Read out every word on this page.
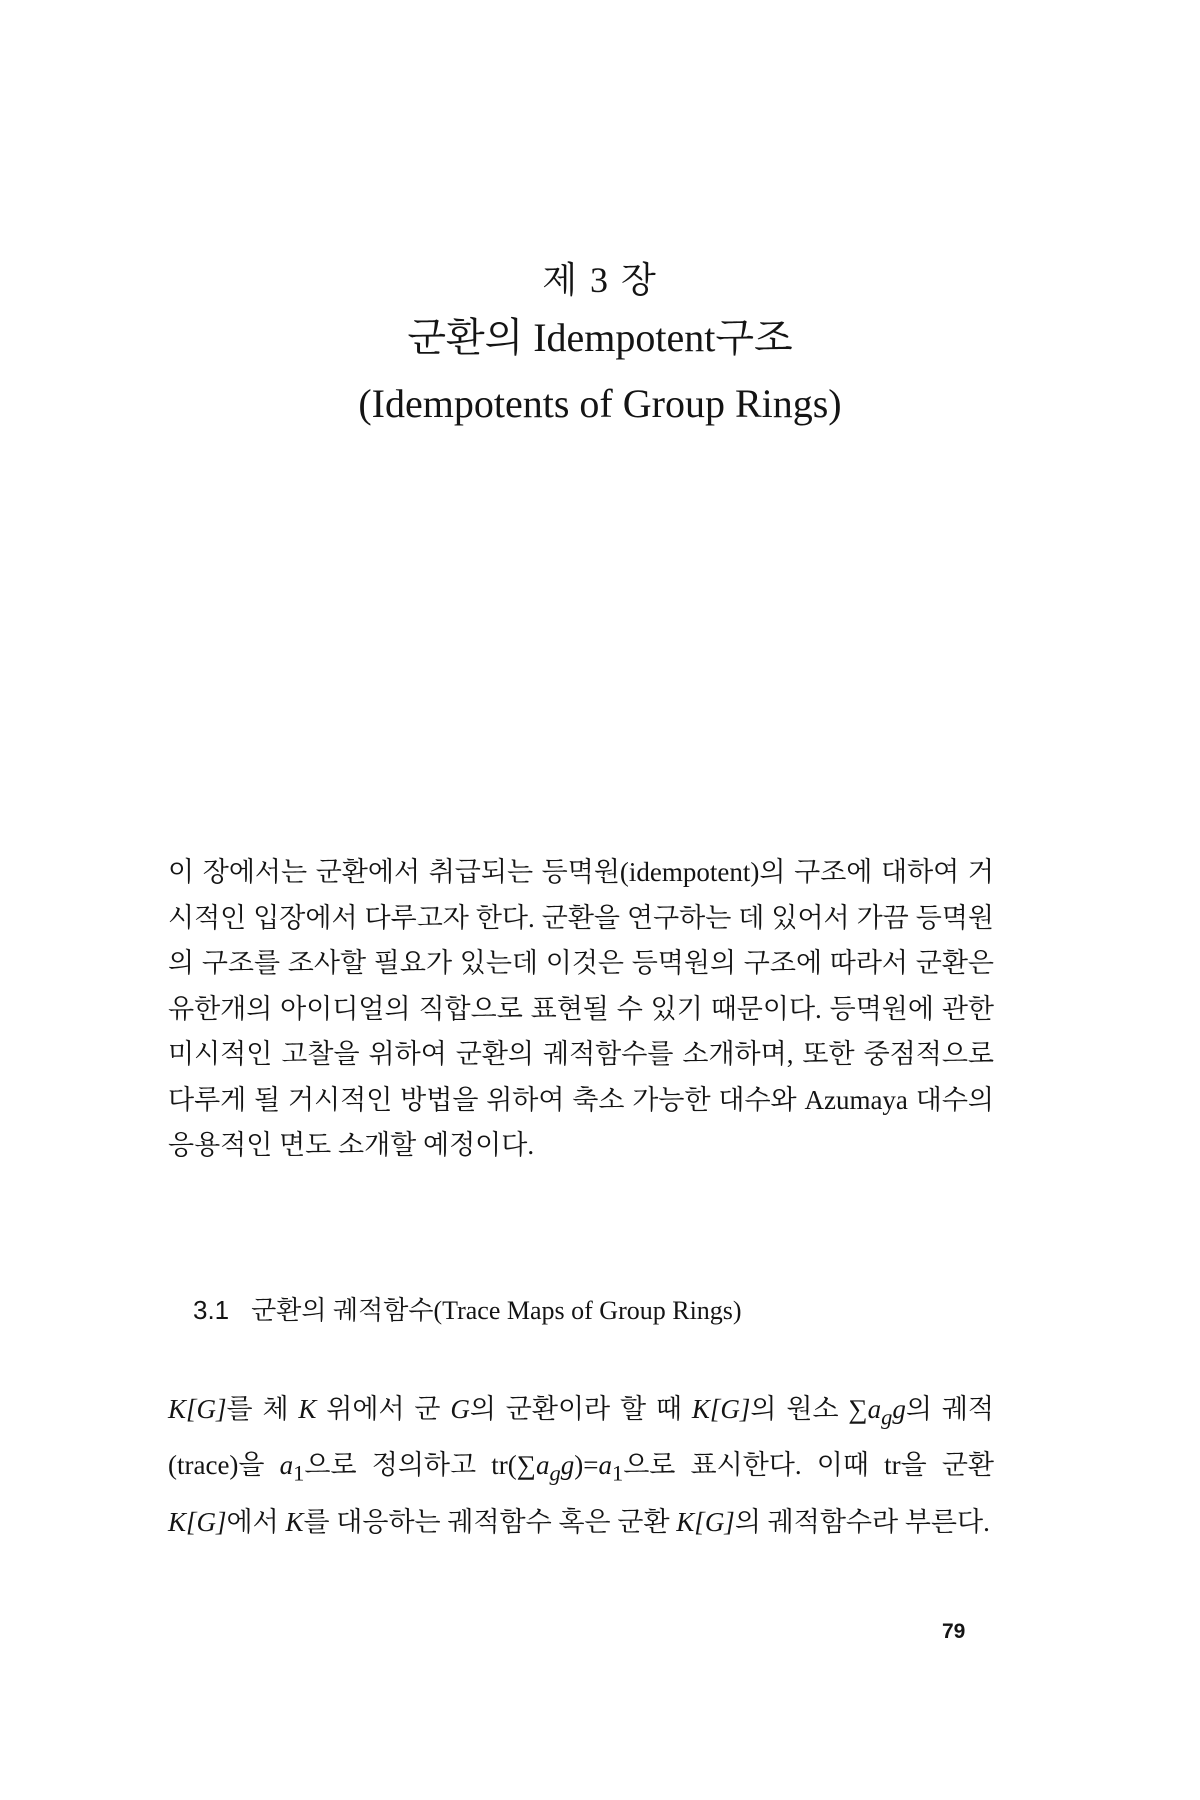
제 3 장
군환의 Idempotent구조
(Idempotents of Group Rings)
이 장에서는 군환에서 취급되는 등멱원(idempotent)의 구조에 대하여 거시적인 입장에서 다루고자 한다. 군환을 연구하는 데 있어서 가끔 등멱원의 구조를 조사할 필요가 있는데 이것은 등멱원의 구조에 따라서 군환은 유한개의 아이디얼의 직합으로 표현될 수 있기 때문이다. 등멱원에 관한 미시적인 고찰을 위하여 군환의 궤적함수를 소개하며, 또한 중점적으로 다루게 될 거시적인 방법을 위하여 축소 가능한 대수와 Azumaya 대수의 응용적인 면도 소개할 예정이다.
3.1 군환의 궤적함수(Trace Maps of Group Rings)
K[G]를 체 K 위에서 군 G의 군환이라 할 때 K[G]의 원소 $\sum a_gg$의 궤적(trace)을 $a_1$으로 정의하고 $tr(\sum a_gg)=a_1$으로 표시한다. 이때 tr을 군환 K[G]에서 K를 대응하는 궤적함수 혹은 군환 K[G]의 궤적함수라 부른다.
79
